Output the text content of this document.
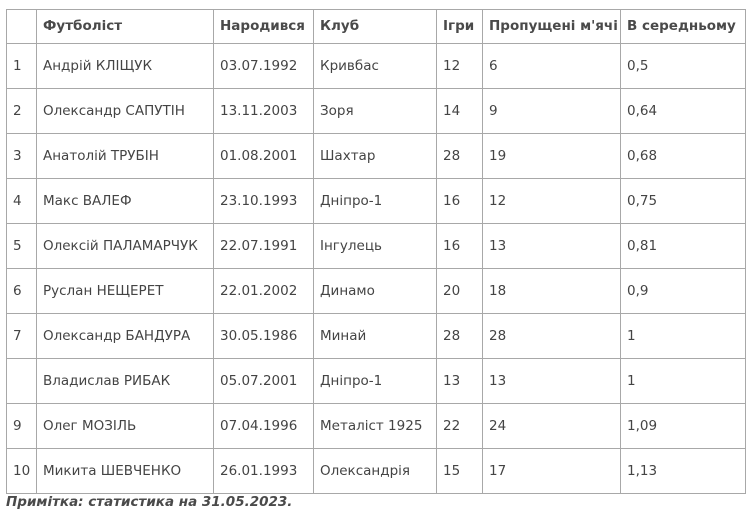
	Футболіст	Народився	Клуб	Ігри	Пропущені м'ячі	В середньому
1	Андрій КЛІЩУК	03.07.1992	Кривбас	12	6	0,5
2	Олександр САПУТІН	13.11.2003	Зоря	14	9	0,64
3	Анатолій ТРУБІН	01.08.2001	Шахтар	28	19	0,68
4	Макс ВАЛЕФ	23.10.1993	Дніпро-1	16	12	0,75
5	Олексій ПАЛАМАРЧУК	22.07.1991	Інгулець	16	13	0,81
6	Руслан НЕЩЕРЕТ	22.01.2002	Динамо	20	18	0,9
7	Олександр БАНДУРА	30.05.1986	Минай	28	28	1
	Владислав РИБАК	05.07.2001	Дніпро-1	13	13	1
9	Олег МОЗІЛЬ	07.04.1996	Металіст 1925	22	24	1,09
10	Микита ШЕВЧЕНКО	26.01.1993	Олександрія	15	17	1,13
Примітка: статистика на 31.05.2023.
